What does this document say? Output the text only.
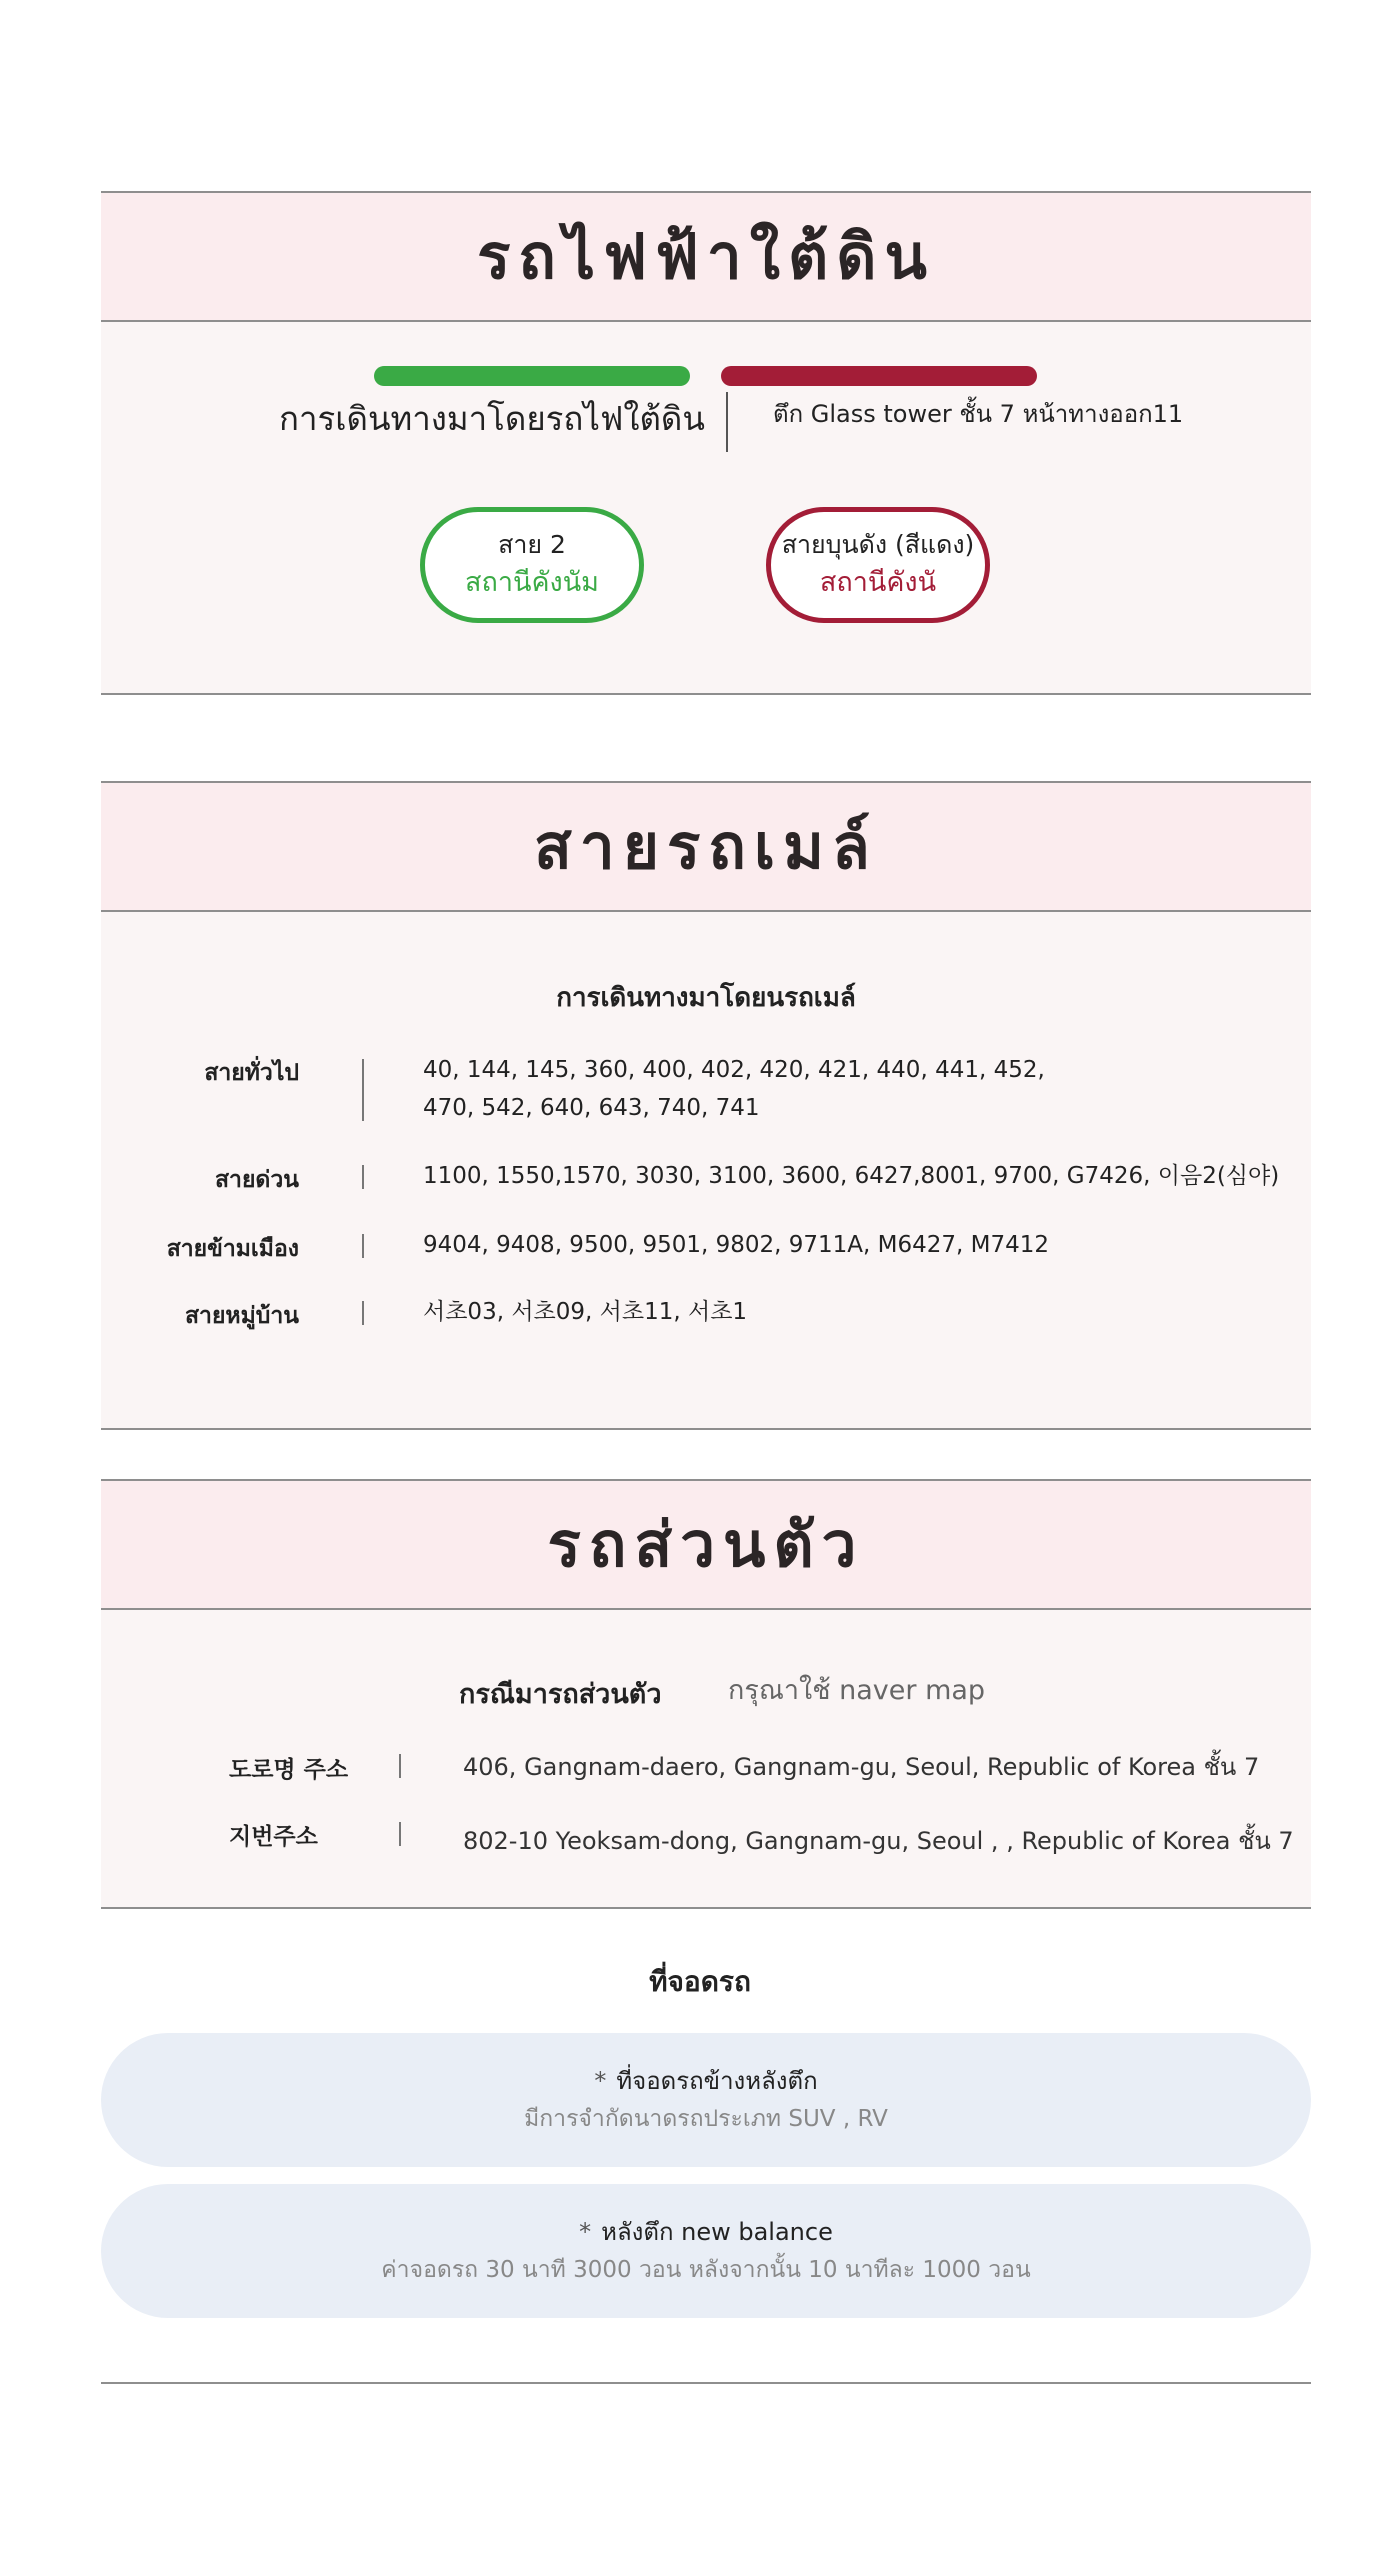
รถไฟฟ้าใต้ดิน
การเดินทางมาโดยรถไฟใต้ดิน	ตึก Glass tower ชั้น 7 หน้าทางออก11
สาย 2
สถานีคังนัม
สายบุนดัง (สีแดง)
สถานีคังนั
สายรถเมล์
การเดินทางมาโดยนรถเมล์
สายทั่วไป	40, 144, 145, 360, 400, 402, 420, 421, 440, 441, 452,
470, 542, 640, 643, 740, 741
สายด่วน	1100, 1550,1570, 3030, 3100, 3600, 6427,8001, 9700, G7426, 이음2(심야)
สายข้ามเมือง	9404, 9408, 9500, 9501, 9802, 9711A, M6427, M7412
สายหมู่บ้าน	서초03, 서초09, 서초11, 서초1
รถส่วนตัว
กรณีมารถส่วนตัว กรุณาใช้ naver map
도로명 주소	406, Gangnam-daero, Gangnam-gu, Seoul, Republic of Korea ชั้น 7
지번주소	802-10 Yeoksam-dong, Gangnam-gu, Seoul , , Republic of Korea ชั้น 7
ที่จอดรถ
* ที่จอดรถข้างหลังตึก
มีการจำกัดนาดรถประเภท SUV , RV
* หลังตึก new balance
ค่าจอดรถ 30 นาที 3000 วอน หลังจากนั้น 10 นาทีละ 1000 วอน
